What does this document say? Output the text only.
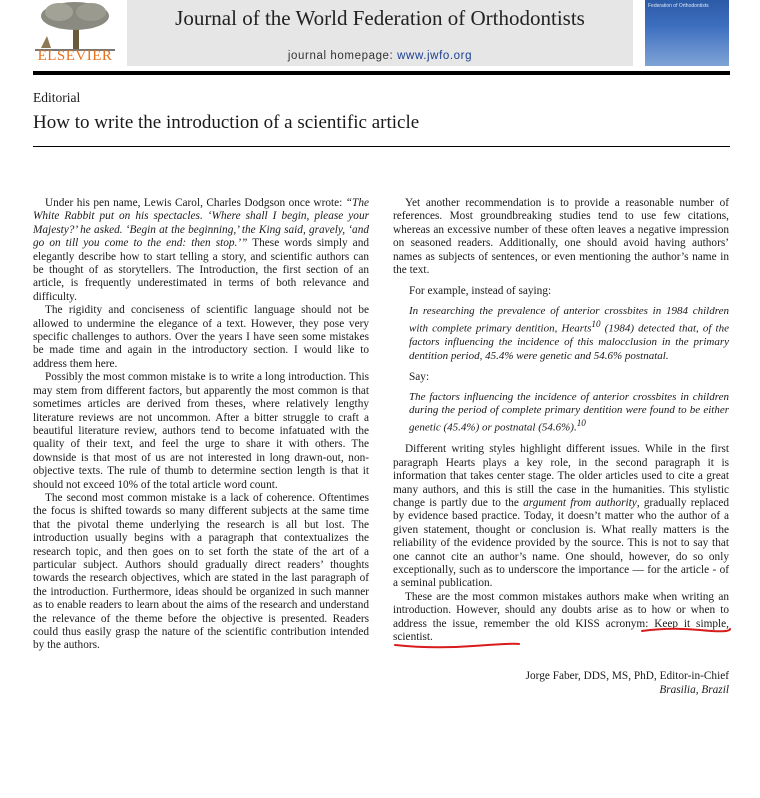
ELSEVIER
Journal of the World Federation of Orthodontists
journal homepage: www.jwfo.org
Federation of Orthodontists
Editorial
How to write the introduction of a scientific article

Under his pen name, Lewis Carol, Charles Dodgson once wrote: “The White Rabbit put on his spectacles. ‘Where shall I begin, please your Majesty?’ he asked. ‘Begin at the beginning,’ the King said, gravely, ‘and go on till you come to the end: then stop.’” These words simply and elegantly describe how to start telling a story, and scientific authors can be thought of as storytellers. The Introduction, the first section of an article, is frequently underestimated in terms of both relevance and difficulty.

The rigidity and conciseness of scientific language should not be allowed to undermine the elegance of a text. However, they pose very specific challenges to authors. Over the years I have seen some mistakes be made time and again in the introductory section. I would like to address them here.

Possibly the most common mistake is to write a long introduction. This may stem from different factors, but apparently the most common is that sometimes articles are derived from theses, where relatively lengthy literature reviews are not uncommon. After a bitter struggle to craft a beautiful literature review, authors tend to become infatuated with the quality of their text, and feel the urge to share it with others. The downside is that most of us are not interested in long drawn-out, non-objective texts. The rule of thumb to determine section length is that it should not exceed 10% of the total article word count.

The second most common mistake is a lack of coherence. Oftentimes the focus is shifted towards so many different subjects at the same time that the pivotal theme underlying the research is all but lost. The introduction usually begins with a paragraph that contextualizes the research topic, and then goes on to set forth the state of the art of a particular subject. Authors should gradually direct readers’ thoughts towards the research objectives, which are stated in the last paragraph of the introduction. Furthermore, ideas should be organized in such manner as to enable readers to learn about the aims of the research and understand the relevance of the theme before the objective is presented. Readers could thus easily grasp the nature of the scientific contribution intended by the authors.

Yet another recommendation is to provide a reasonable number of references. Most groundbreaking studies tend to use few citations, whereas an excessive number of these often leaves a negative impression on seasoned readers. Additionally, one should avoid having authors’ names as subjects of sentences, or even mentioning the author’s name in the text.

For example, instead of saying:

In researching the prevalence of anterior crossbites in 1984 children with complete primary dentition, Hearts$^{10}$ (1984) detected that, of the factors influencing the incidence of this malocclusion in the primary dentition period, 45.4% were genetic and 54.6% postnatal.

Say:

The factors influencing the incidence of anterior crossbites in children during the period of complete primary dentition were found to be either genetic (45.4%) or postnatal (54.6%).$^{10}$

Different writing styles highlight different issues. While in the first paragraph Hearts plays a key role, in the second paragraph it is information that takes center stage. The older articles used to cite a great many authors, and this is still the case in the humanities. This stylistic change is partly due to the argument from authority, gradually replaced by evidence based practice. Today, it doesn’t matter who the author of a given statement, thought or conclusion is. What really matters is the reliability of the evidence provided by the source. This is not to say that one cannot cite an author’s name. One should, however, do so only exceptionally, such as to underscore the importance — for the article - of a seminal publication.

These are the most common mistakes authors make when writing an introduction. However, should any doubts arise as to how or when to address the issue, remember the old KISS acronym: Keep it simple, scientist.

Jorge Faber, DDS, MS, PhD, Editor-in-Chief
Brasilia, Brazil
